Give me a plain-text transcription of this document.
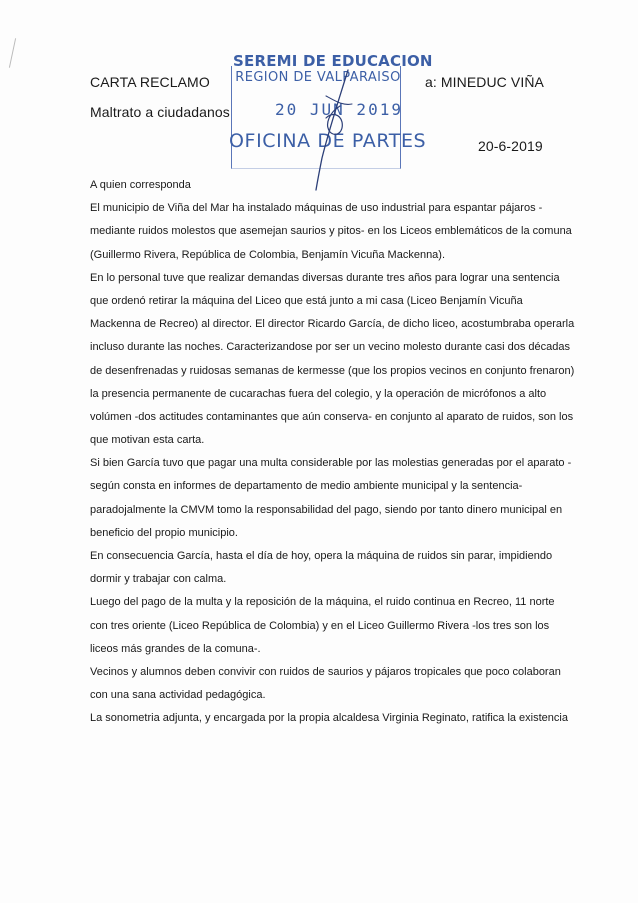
CARTA RECLAMO
Maltrato a ciudadanos
a: MINEDUC VIÑA
20-6-2019
SEREMI DE EDUCACION
REGION DE VALPARAISO
20 JUN 2019
OFICINA DE PARTES
A quien corresponda
El municipio de Viña del Mar ha instalado máquinas de uso industrial para espantar pájaros -
mediante ruidos molestos que asemejan saurios y pitos- en los Liceos emblemáticos de la comuna
(Guillermo Rivera, República de Colombia, Benjamín Vicuña Mackenna).
En lo personal tuve que realizar demandas diversas durante tres años para lograr una sentencia
que ordenó retirar la máquina del Liceo que está junto a mi casa (Liceo Benjamín Vicuña
Mackenna de Recreo) al director. El director Ricardo García, de dicho liceo, acostumbraba operarla
incluso durante las noches. Caracterizandose por ser un vecino molesto durante casi dos décadas
de desenfrenadas y ruidosas semanas de kermesse (que los propios vecinos en conjunto frenaron)
la presencia permanente de cucarachas fuera del colegio, y la operación de micrófonos a alto
volúmen -dos actitudes contaminantes que aún conserva- en conjunto al aparato de ruidos, son los
que motivan esta carta.
Si bien García tuvo que pagar una multa considerable por las molestias generadas por el aparato -
según consta en informes de departamento de medio ambiente municipal y la sentencia-
paradojalmente la CMVM tomo la responsabilidad del pago, siendo por tanto dinero municipal en
beneficio del propio municipio.
En consecuencia García, hasta el día de hoy, opera la máquina de ruidos sin parar, impidiendo
dormir y trabajar con calma.
Luego del pago de la multa y la reposición de la máquina, el ruido continua en Recreo, 11 norte
con tres oriente (Liceo República de Colombia) y en el Liceo Guillermo Rivera -los tres son los
liceos más grandes de la comuna-.
Vecinos y alumnos deben convivir con ruidos de saurios y pájaros tropicales que poco colaboran
con una sana actividad pedagógica.
La sonometria adjunta, y encargada por la propia alcaldesa Virginia Reginato, ratifica la existencia
